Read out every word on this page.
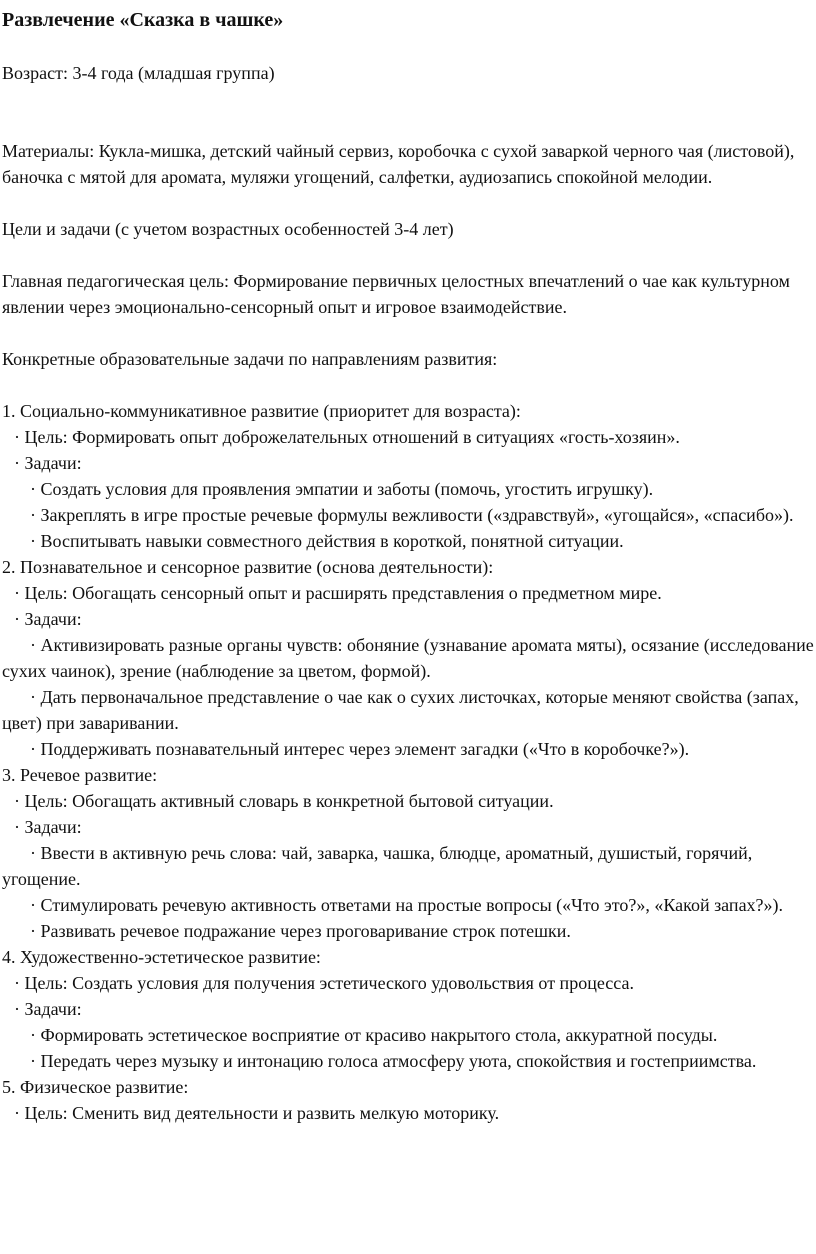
Развлечение «Сказка в чашке»

Возраст: 3-4 года (младшая группа)

Материалы: Кукла-мишка, детский чайный сервиз, коробочка с сухой заваркой черного чая (листовой), баночка с мятой для аромата, муляжи угощений, салфетки, аудиозапись спокойной мелодии.

Цели и задачи (с учетом возрастных особенностей 3-4 лет)

Главная педагогическая цель: Формирование первичных целостных впечатлений о чае как культурном явлении через эмоционально-сенсорный опыт и игровое взаимодействие.

Конкретные образовательные задачи по направлениям развития:

1. Социально-коммуникативное развитие (приоритет для возраста):

· Цель: Формировать опыт доброжелательных отношений в ситуациях «гость-хозяин».

· Задачи:

· Создать условия для проявления эмпатии и заботы (помочь, угостить игрушку).

· Закреплять в игре простые речевые формулы вежливости («здравствуй», «угощайся», «спасибо»).

· Воспитывать навыки совместного действия в короткой, понятной ситуации.

2. Познавательное и сенсорное развитие (основа деятельности):

· Цель: Обогащать сенсорный опыт и расширять представления о предметном мире.

· Задачи:

· Активизировать разные органы чувств: обоняние (узнавание аромата мяты), осязание (исследование сухих чаинок), зрение (наблюдение за цветом, формой).

· Дать первоначальное представление о чае как о сухих листочках, которые меняют свойства (запах, цвет) при заваривании.

· Поддерживать познавательный интерес через элемент загадки («Что в коробочке?»).

3. Речевое развитие:

· Цель: Обогащать активный словарь в конкретной бытовой ситуации.

· Задачи:

· Ввести в активную речь слова: чай, заварка, чашка, блюдце, ароматный, душистый, горячий, угощение.

· Стимулировать речевую активность ответами на простые вопросы («Что это?», «Какой запах?»).

· Развивать речевое подражание через проговаривание строк потешки.

4. Художественно-эстетическое развитие:

· Цель: Создать условия для получения эстетического удовольствия от процесса.

· Задачи:

· Формировать эстетическое восприятие от красиво накрытого стола, аккуратной посуды.

· Передать через музыку и интонацию голоса атмосферу уюта, спокойствия и гостеприимства.

5. Физическое развитие:

· Цель: Сменить вид деятельности и развить мелкую моторику.
